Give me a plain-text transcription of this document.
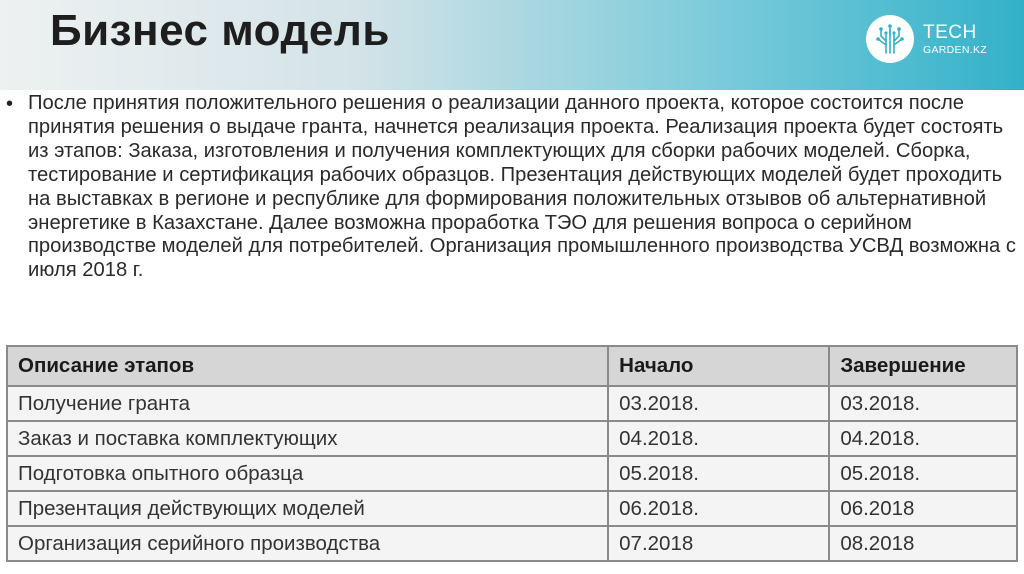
Бизнес модель	TECH
GARDEN.KZ
• После принятия положительного решения о реализации данного проекта, которое состоится после принятия решения о выдаче гранта, начнется реализация проекта. Реализация проекта будет состоять из этапов: Заказа, изготовления и получения комплектующих для сборки рабочих моделей. Сборка, тестирование и сертификация рабочих образцов. Презентация действующих моделей будет проходить на выставках в регионе и республике для формирования положительных отзывов об альтернативной энергетике в Казахстане. Далее возможна проработка ТЭО для решения вопроса о серийном производстве моделей для потребителей. Организация промышленного производства УСВД возможна с июля 2018 г.
Описание этапов	Начало	Завершение
Получение гранта	03.2018.	03.2018.
Заказ и поставка комплектующих	04.2018.	04.2018.
Подготовка опытного образца	05.2018.	05.2018.
Презентация действующих моделей	06.2018.	06.2018
Организация серийного производства	07.2018	08.2018
